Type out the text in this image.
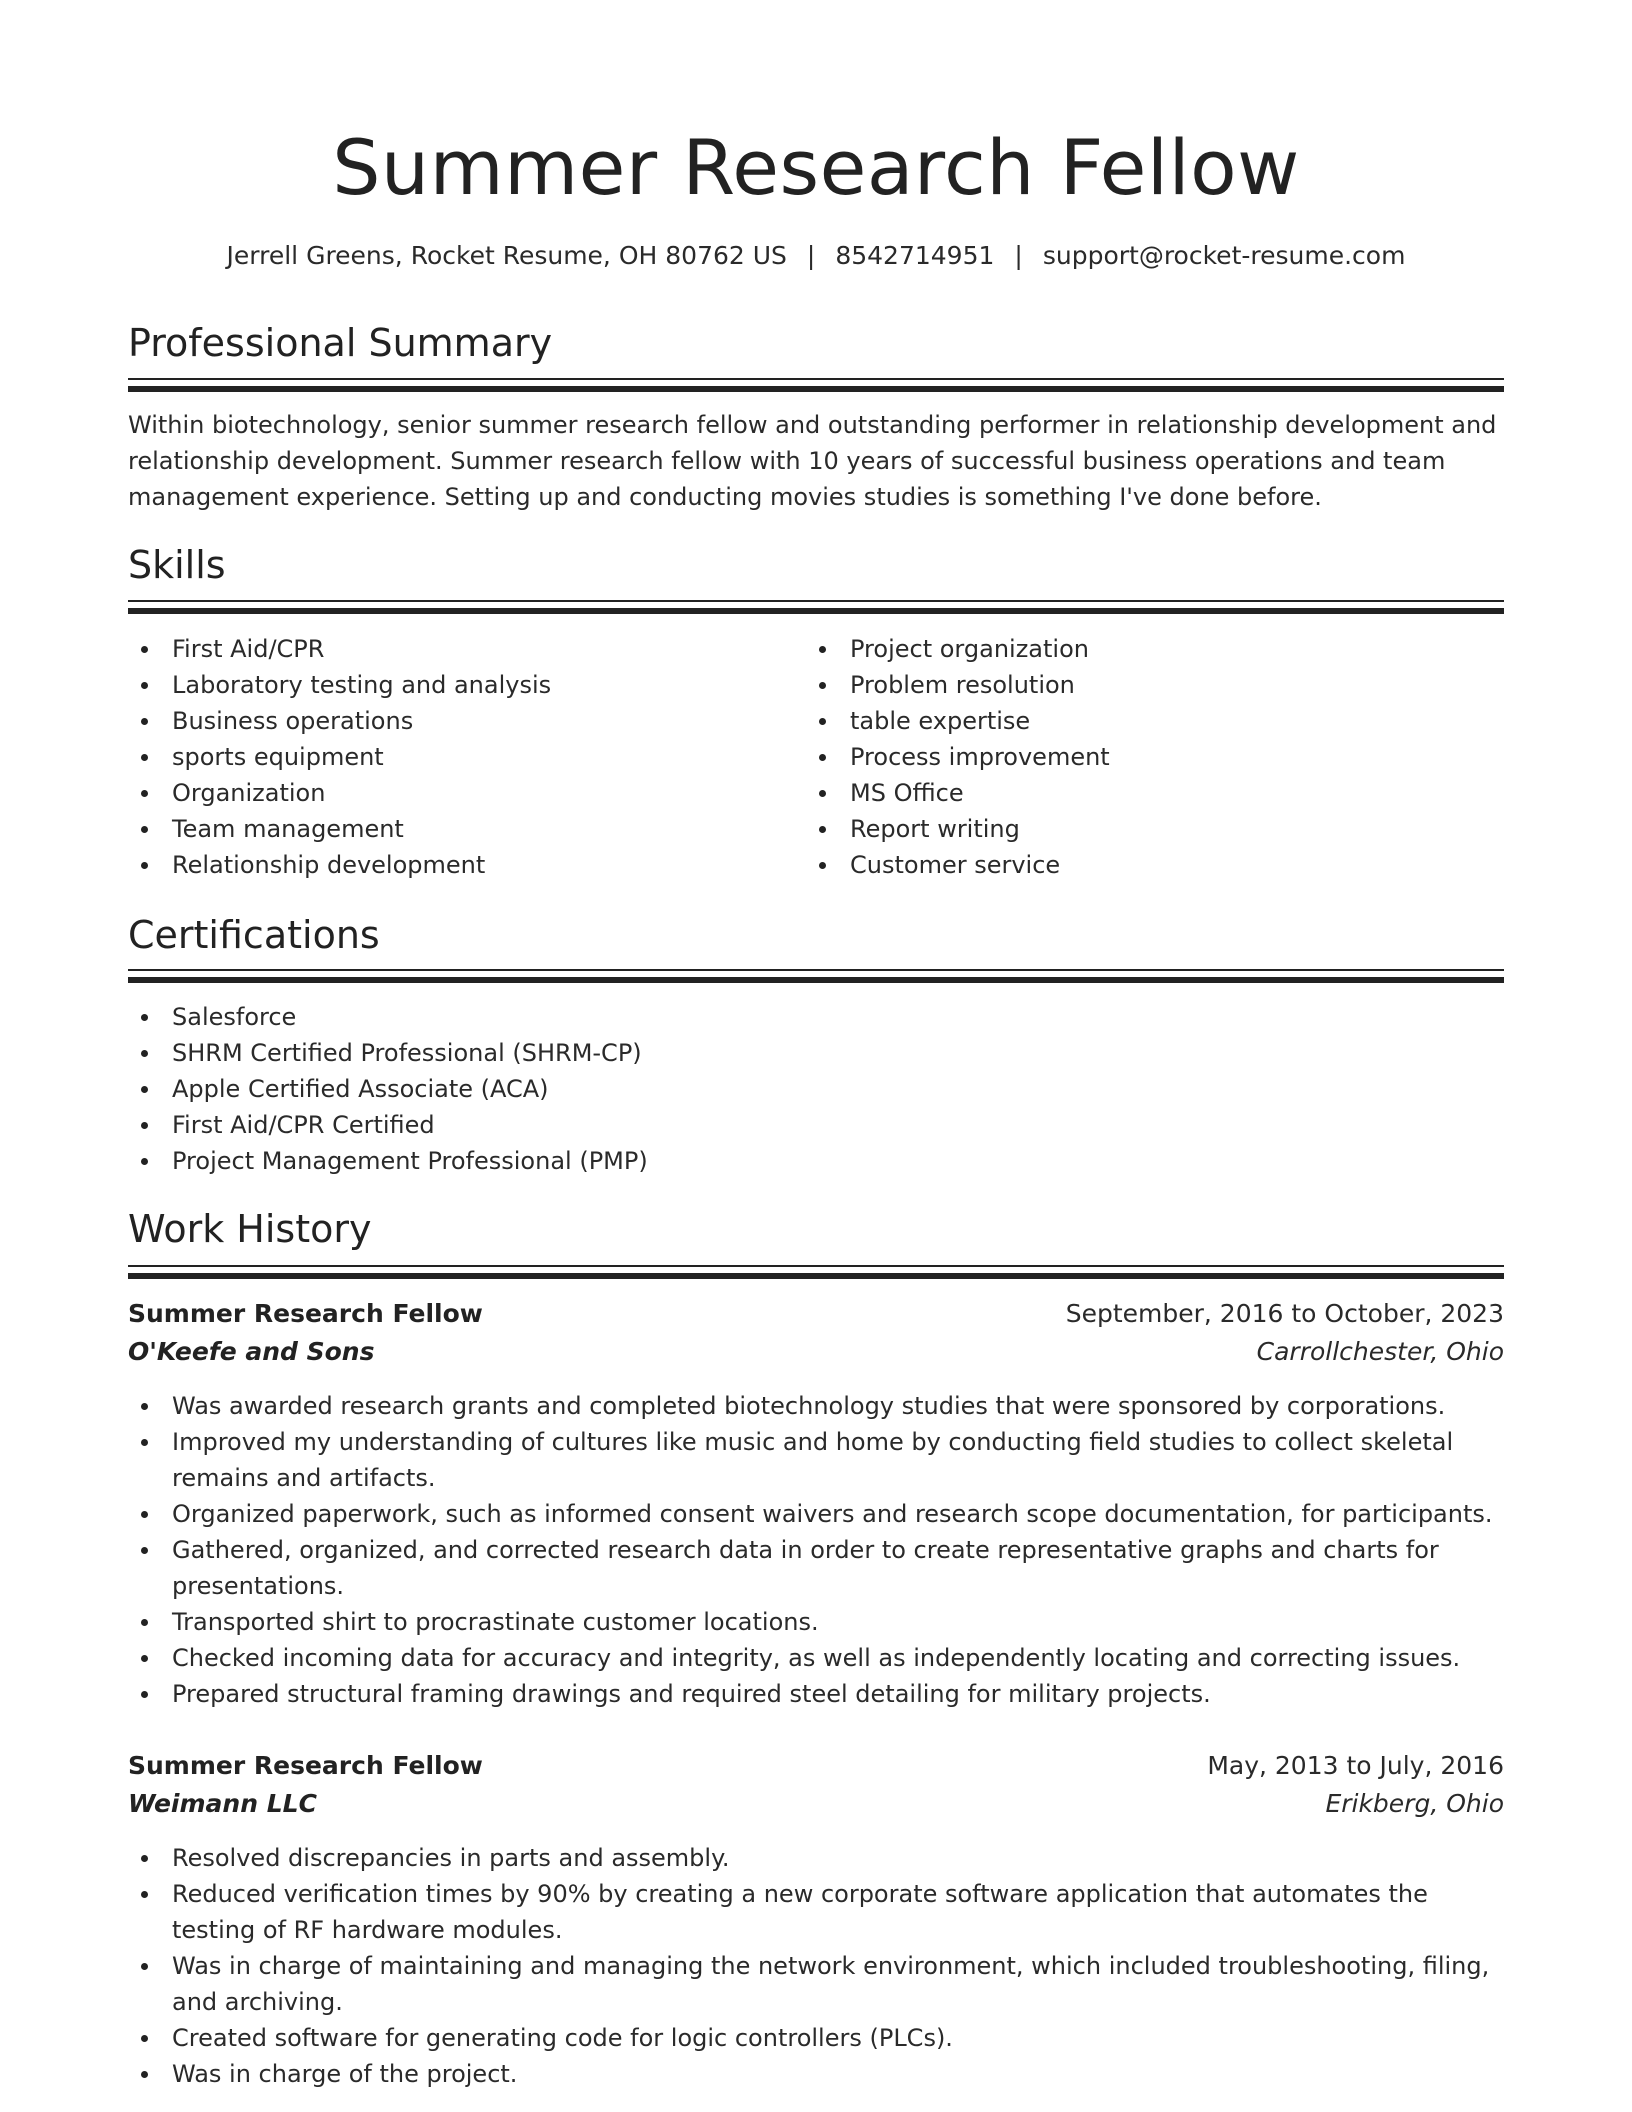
Summer Research Fellow
Jerrell Greens, Rocket Resume, OH 80762 US | 8542714951 | support@rocket-resume.com
Professional Summary
Within biotechnology, senior summer research fellow and outstanding performer in relationship development and relationship development. Summer research fellow with 10 years of successful business operations and team management experience. Setting up and conducting movies studies is something I've done before.
Skills
First Aid/CPR
Laboratory testing and analysis
Business operations
sports equipment
Organization
Team management
Relationship development
Project organization
Problem resolution
table expertise
Process improvement
MS Office
Report writing
Customer service
Certifications
Salesforce
SHRM Certified Professional (SHRM-CP)
Apple Certified Associate (ACA)
First Aid/CPR Certified
Project Management Professional (PMP)
Work History
Summer Research Fellow	September, 2016 to October, 2023
O'Keefe and Sons	Carrollchester, Ohio
Was awarded research grants and completed biotechnology studies that were sponsored by corporations.
Improved my understanding of cultures like music and home by conducting field studies to collect skeletal remains and artifacts.
Organized paperwork, such as informed consent waivers and research scope documentation, for participants.
Gathered, organized, and corrected research data in order to create representative graphs and charts for presentations.
Transported shirt to procrastinate customer locations.
Checked incoming data for accuracy and integrity, as well as independently locating and correcting issues.
Prepared structural framing drawings and required steel detailing for military projects.
Summer Research Fellow	May, 2013 to July, 2016
Weimann LLC	Erikberg, Ohio
Resolved discrepancies in parts and assembly.
Reduced verification times by 90% by creating a new corporate software application that automates the testing of RF hardware modules.
Was in charge of maintaining and managing the network environment, which included troubleshooting, filing, and archiving.
Created software for generating code for logic controllers (PLCs).
Was in charge of the project.
